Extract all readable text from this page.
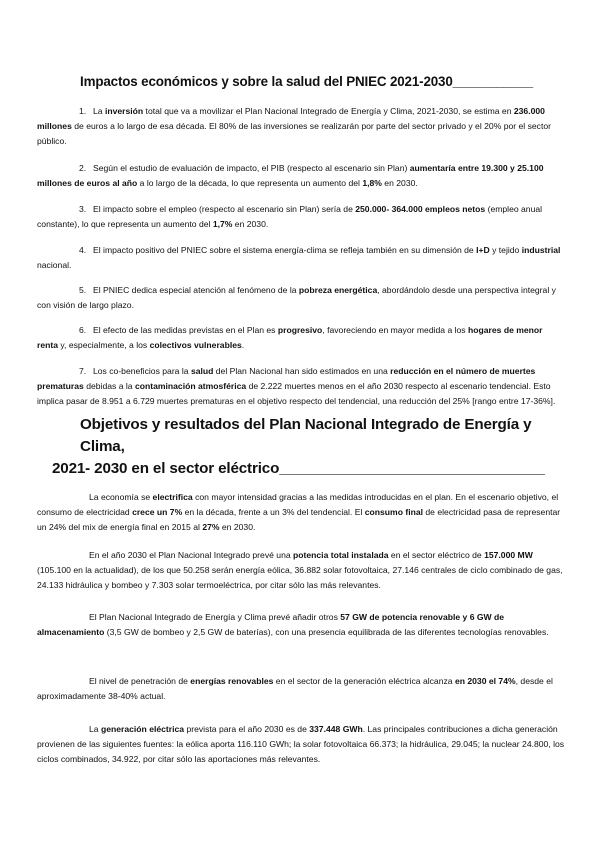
Impactos económicos y sobre la salud del PNIEC 2021-2030___________

1. La inversión total que va a movilizar el Plan Nacional Integrado de Energía y Clima, 2021-2030, se estima en 236.000 millones de euros a lo largo de esa década. El 80% de las inversiones se realizarán por parte del sector privado y el 20% por el sector público.

2. Según el estudio de evaluación de impacto, el PIB (respecto al escenario sin Plan) aumentaría entre 19.300 y 25.100 millones de euros al año a lo largo de la década, lo que representa un aumento del 1,8% en 2030.

3. El impacto sobre el empleo (respecto al escenario sin Plan) sería de 250.000- 364.000 empleos netos (empleo anual constante), lo que representa un aumento del 1,7% en 2030.

4. El impacto positivo del PNIEC sobre el sistema energía-clima se refleja también en su dimensión de I+D y tejido industrial nacional.

5. El PNIEC dedica especial atención al fenómeno de la pobreza energética, abordándolo desde una perspectiva integral y con visión de largo plazo.

6. El efecto de las medidas previstas en el Plan es progresivo, favoreciendo en mayor medida a los hogares de menor renta y, especialmente, a los colectivos vulnerables.

7. Los co-beneficios para la salud del Plan Nacional han sido estimados en una reducción en el número de muertes prematuras debidas a la contaminación atmosférica de 2.222 muertes menos en el año 2030 respecto al escenario tendencial. Esto implica pasar de 8.951 a 6.729 muertes prematuras en el objetivo respecto del tendencial, una reducción del 25% [rango entre 17-36%].

Objetivos y resultados del Plan Nacional Integrado de Energía y Clima,
2021- 2030 en el sector eléctrico________________________________

La economía se electrifica con mayor intensidad gracias a las medidas introducidas en el plan. En el escenario objetivo, el consumo de electricidad crece un 7% en la década, frente a un 3% del tendencial. El consumo final de electricidad pasa de representar un 24% del mix de energía final en 2015 al 27% en 2030.

En el año 2030 el Plan Nacional Integrado prevé una potencia total instalada en el sector eléctrico de 157.000 MW (105.100 en la actualidad), de los que 50.258 serán energía eólica, 36.882 solar fotovoltaica, 27.146 centrales de ciclo combinado de gas, 24.133 hidráulica y bombeo y 7.303 solar termoeléctrica, por citar sólo las más relevantes.

El Plan Nacional Integrado de Energía y Clima prevé añadir otros 57 GW de potencia renovable y 6 GW de almacenamiento (3,5 GW de bombeo y 2,5 GW de baterías), con una presencia equilibrada de las diferentes tecnologías renovables.

El nivel de penetración de energías renovables en el sector de la generación eléctrica alcanza en 2030 el 74%, desde el aproximadamente 38-40% actual.

La generación eléctrica prevista para el año 2030 es de 337.448 GWh. Las principales contribuciones a dicha generación provienen de las siguientes fuentes: la eólica aporta 116.110 GWh; la solar fotovoltaica 66.373; la hidráulica, 29.045; la nuclear 24.800, los ciclos combinados, 34.922, por citar sólo las aportaciones más relevantes.
